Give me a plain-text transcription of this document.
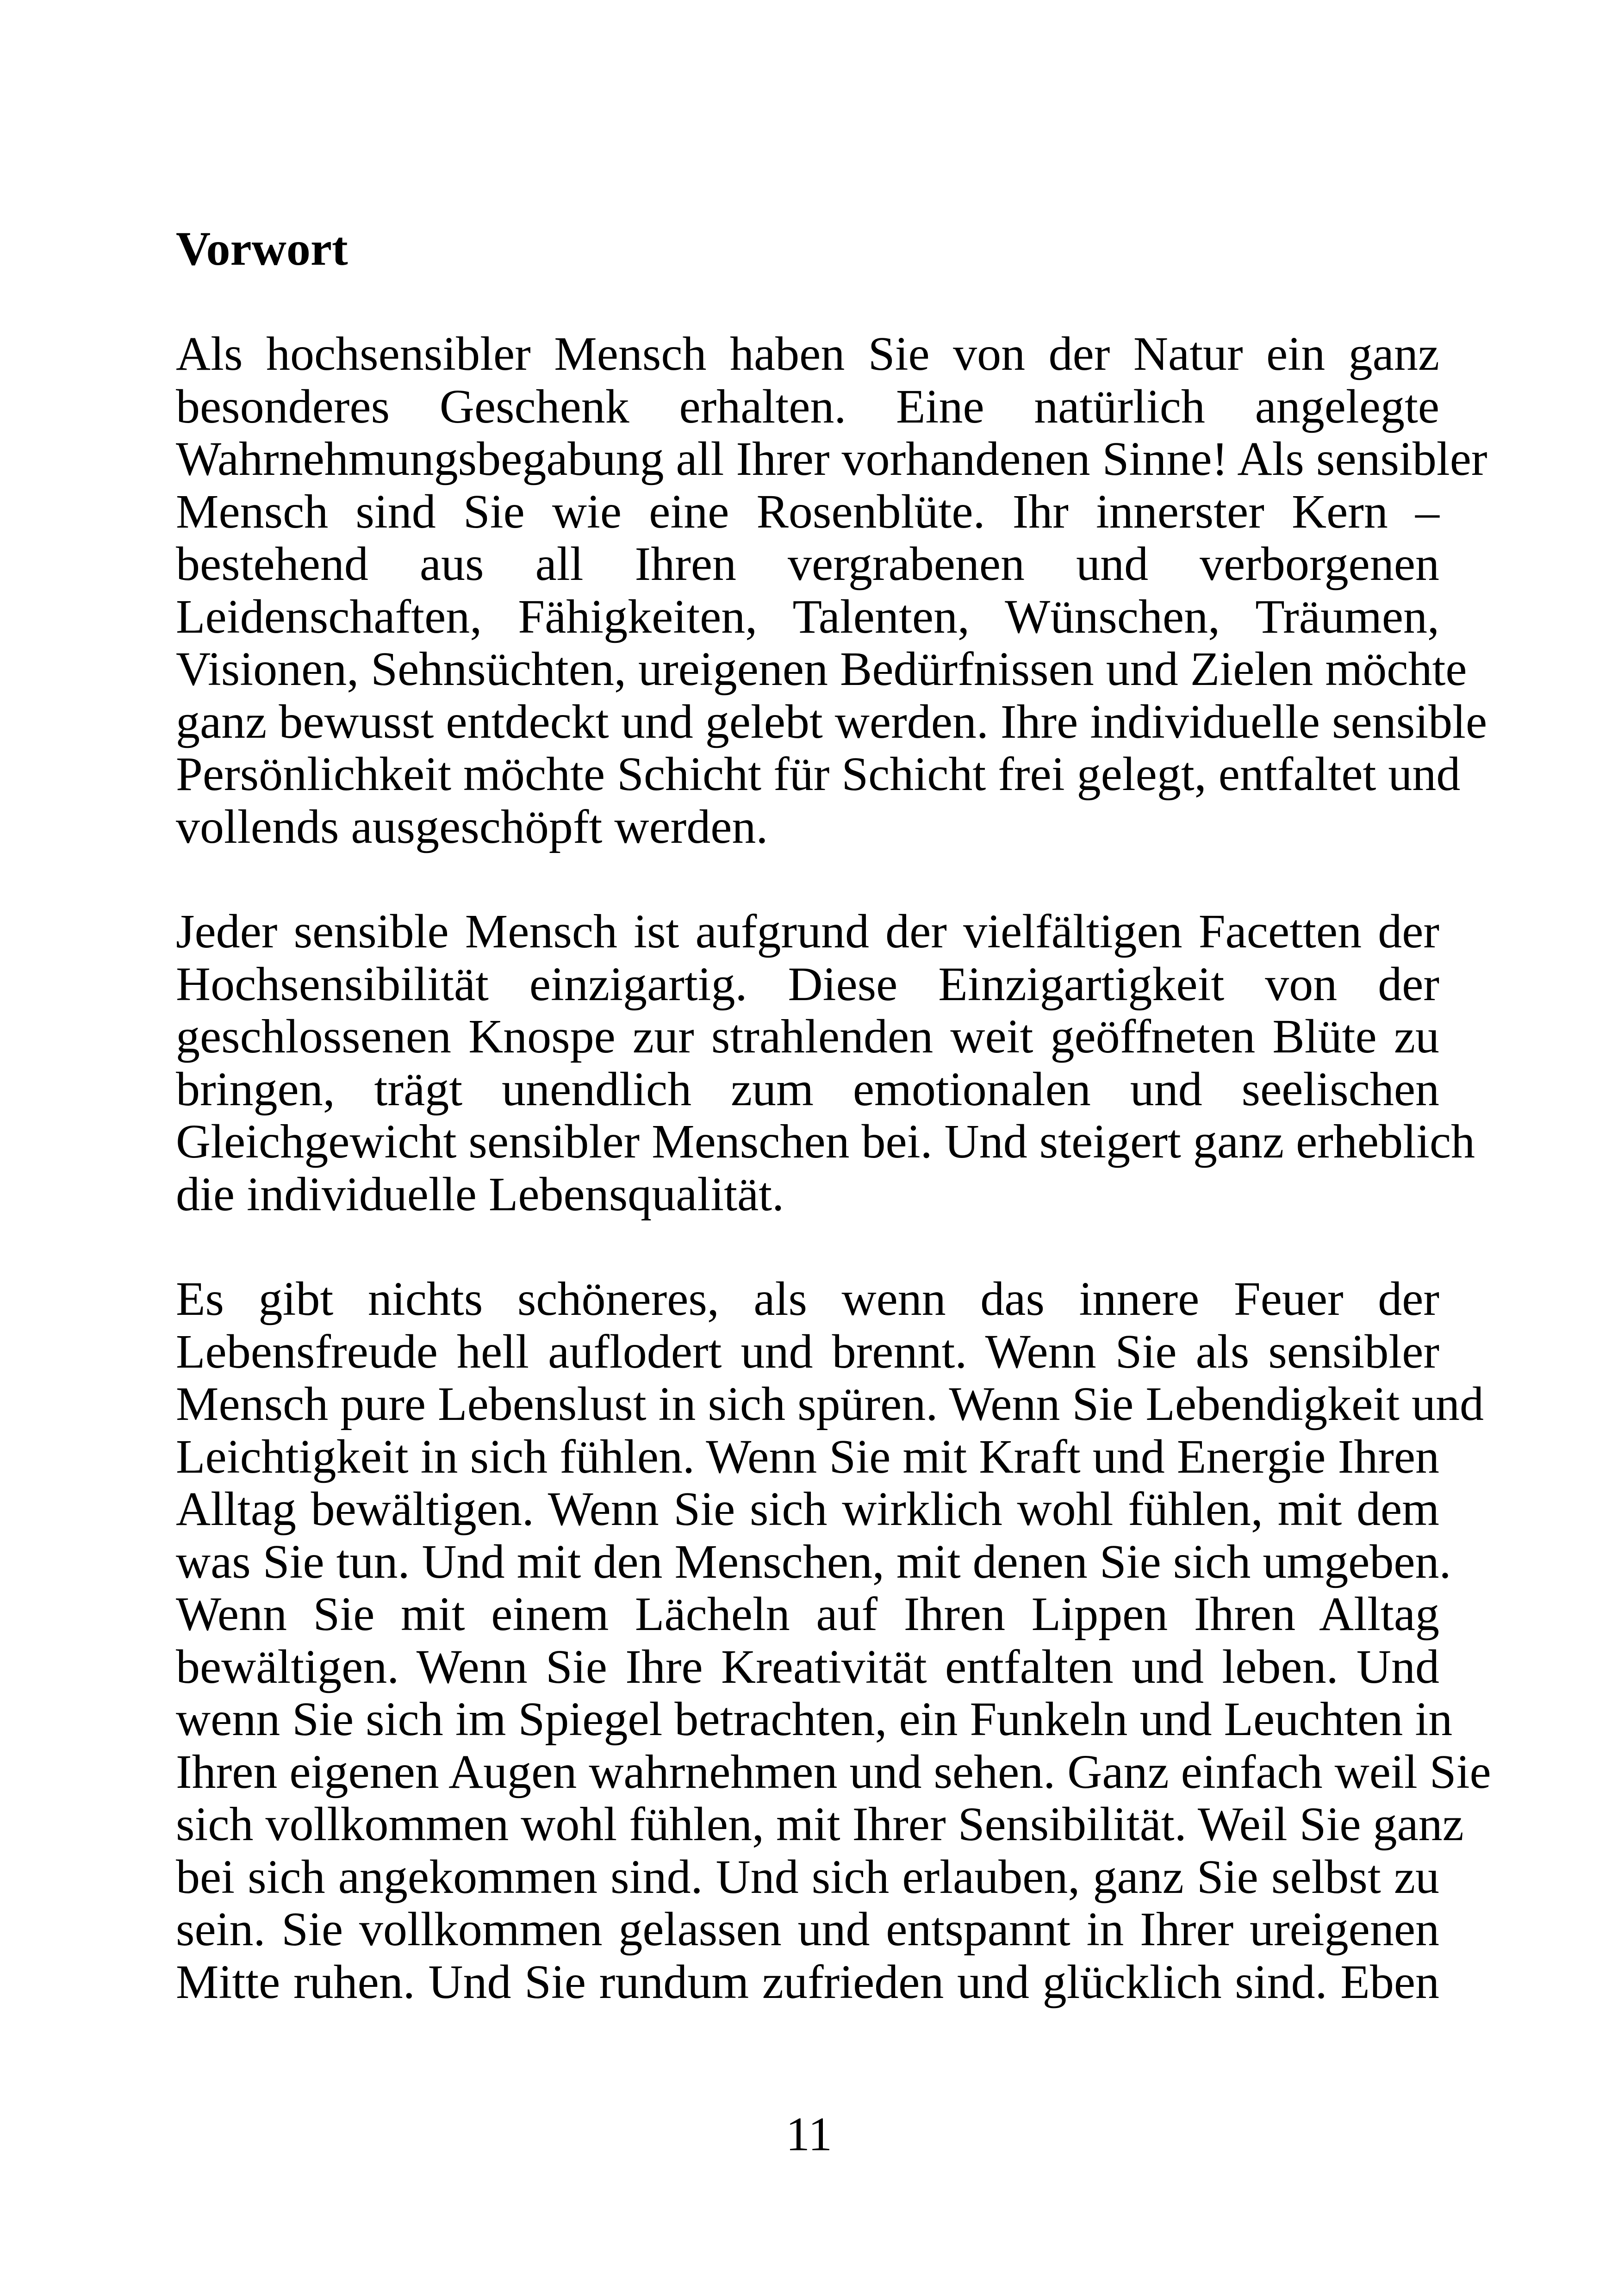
Vorwort
Als hochsensibler Mensch haben Sie von der Natur ein ganz
besonderes Geschenk erhalten. Eine natürlich angelegte
Wahrnehmungsbegabung all Ihrer vorhandenen Sinne! Als sensibler
Mensch sind Sie wie eine Rosenblüte. Ihr innerster Kern –
bestehend aus all Ihren vergrabenen und verborgenen
Leidenschaften, Fähigkeiten, Talenten, Wünschen, Träumen,
Visionen, Sehnsüchten, ureigenen Bedürfnissen und Zielen möchte
ganz bewusst entdeckt und gelebt werden. Ihre individuelle sensible
Persönlichkeit möchte Schicht für Schicht frei gelegt, entfaltet und
vollends ausgeschöpft werden.
Jeder sensible Mensch ist aufgrund der vielfältigen Facetten der
Hochsensibilität einzigartig. Diese Einzigartigkeit von der
geschlossenen Knospe zur strahlenden weit geöffneten Blüte zu
bringen, trägt unendlich zum emotionalen und seelischen
Gleichgewicht sensibler Menschen bei. Und steigert ganz erheblich
die individuelle Lebensqualität.
Es gibt nichts schöneres, als wenn das innere Feuer der
Lebensfreude hell auflodert und brennt. Wenn Sie als sensibler
Mensch pure Lebenslust in sich spüren. Wenn Sie Lebendigkeit und
Leichtigkeit in sich fühlen. Wenn Sie mit Kraft und Energie Ihren
Alltag bewältigen. Wenn Sie sich wirklich wohl fühlen, mit dem
was Sie tun. Und mit den Menschen, mit denen Sie sich umgeben.
Wenn Sie mit einem Lächeln auf Ihren Lippen Ihren Alltag
bewältigen. Wenn Sie Ihre Kreativität entfalten und leben. Und
wenn Sie sich im Spiegel betrachten, ein Funkeln und Leuchten in
Ihren eigenen Augen wahrnehmen und sehen. Ganz einfach weil Sie
sich vollkommen wohl fühlen, mit Ihrer Sensibilität. Weil Sie ganz
bei sich angekommen sind. Und sich erlauben, ganz Sie selbst zu
sein. Sie vollkommen gelassen und entspannt in Ihrer ureigenen
Mitte ruhen. Und Sie rundum zufrieden und glücklich sind. Eben
11
